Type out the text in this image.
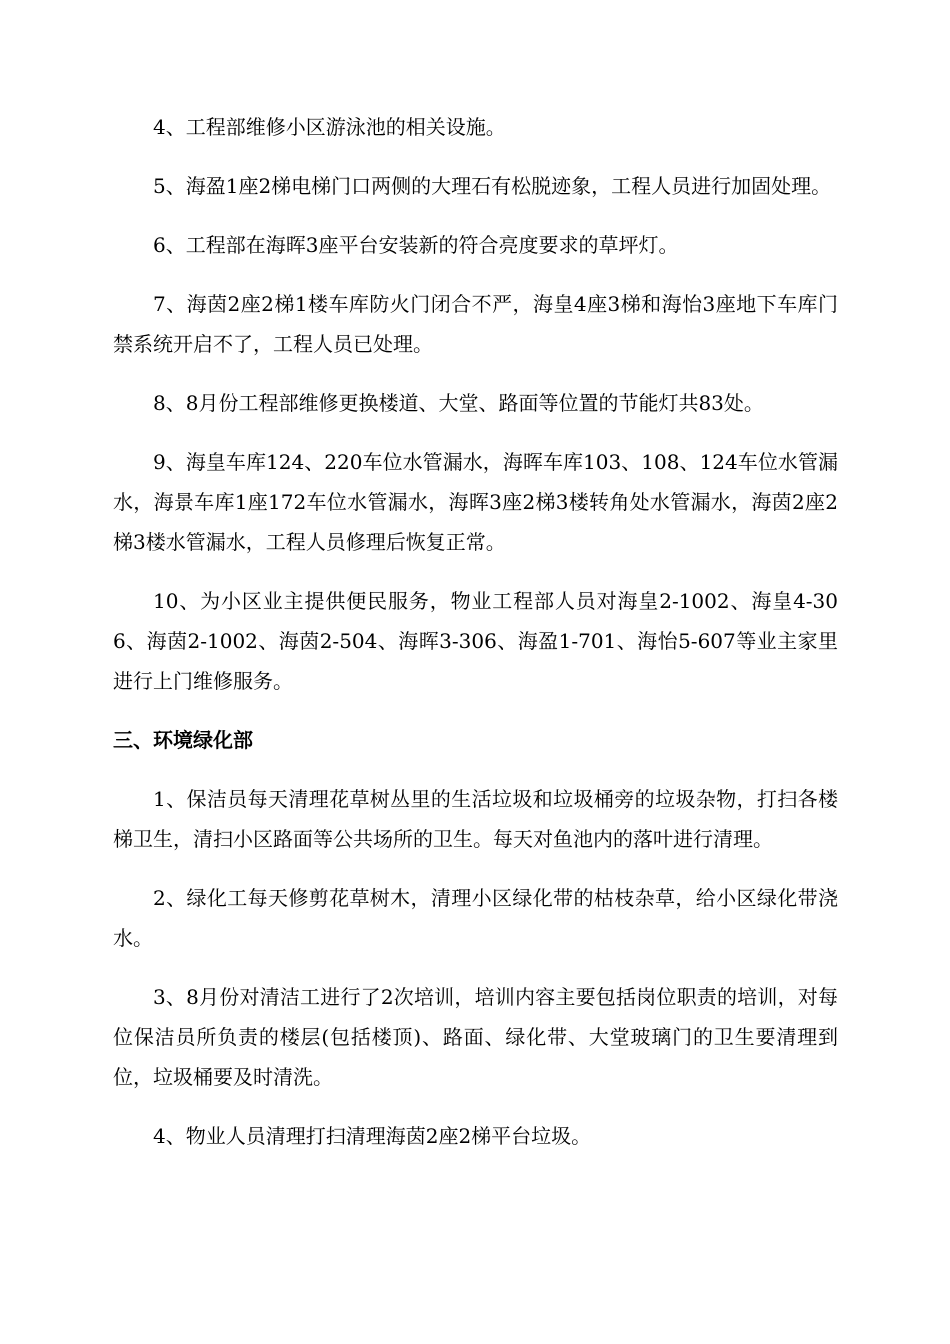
4、工程部维修小区游泳池的相关设施。

5、海盈1座2梯电梯门口两侧的大理石有松脱迹象，工程人员进行加固处理。

6、工程部在海晖3座平台安装新的符合亮度要求的草坪灯。

7、海茵2座2梯1楼车库防火门闭合不严，海皇4座3梯和海怡3座地下车库门禁系统开启不了，工程人员已处理。

8、8月份工程部维修更换楼道、大堂、路面等位置的节能灯共83处。

9、海皇车库124、220车位水管漏水，海晖车库103、108、124车位水管漏水，海景车库1座172车位水管漏水，海晖3座2梯3楼转角处水管漏水，海茵2座2梯3楼水管漏水，工程人员修理后恢复正常。

10、为小区业主提供便民服务，物业工程部人员对海皇2-1002、海皇4-306、海茵2-1002、海茵2-504、海晖3-306、海盈1-701、海怡5-607等业主家里进行上门维修服务。

三、环境绿化部

1、保洁员每天清理花草树丛里的生活垃圾和垃圾桶旁的垃圾杂物，打扫各楼梯卫生，清扫小区路面等公共场所的卫生。每天对鱼池内的落叶进行清理。

2、绿化工每天修剪花草树木，清理小区绿化带的枯枝杂草，给小区绿化带浇水。

3、8月份对清洁工进行了2次培训，培训内容主要包括岗位职责的培训，对每位保洁员所负责的楼层(包括楼顶)、路面、绿化带、大堂玻璃门的卫生要清理到位，垃圾桶要及时清洗。

4、物业人员清理打扫清理海茵2座2梯平台垃圾。
